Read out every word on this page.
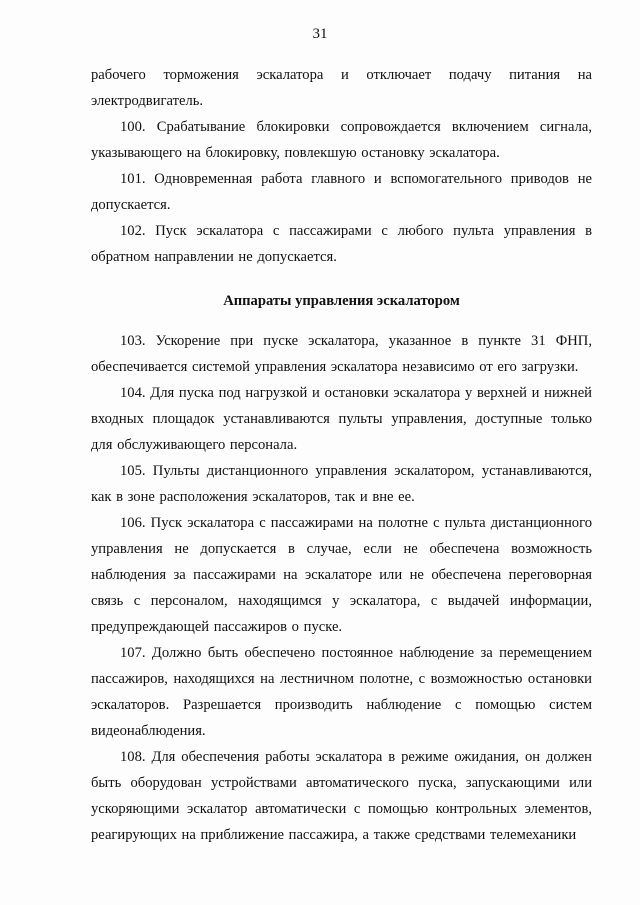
31

рабочего торможения эскалатора и отключает подачу питания на электродвигатель.

100. Срабатывание блокировки сопровождается включением сигнала, указывающего на блокировку, повлекшую остановку эскалатора.

101. Одновременная работа главного и вспомогательного приводов не допускается.

102. Пуск эскалатора с пассажирами с любого пульта управления в обратном направлении не допускается.

Аппараты управления эскалатором

103. Ускорение при пуске эскалатора, указанное в пункте 31 ФНП, обеспечивается системой управления эскалатора независимо от его загрузки.

104. Для пуска под нагрузкой и остановки эскалатора у верхней и нижней входных площадок устанавливаются пульты управления, доступные только для обслуживающего персонала.

105. Пульты дистанционного управления эскалатором, устанавливаются, как в зоне расположения эскалаторов, так и вне ее.

106. Пуск эскалатора с пассажирами на полотне с пульта дистанционного управления не допускается в случае, если не обеспечена возможность наблюдения за пассажирами на эскалаторе или не обеспечена переговорная связь с персоналом, находящимся у эскалатора, с выдачей информации, предупреждающей пассажиров о пуске.

107. Должно быть обеспечено постоянное наблюдение за перемещением пассажиров, находящихся на лестничном полотне, с возможностью остановки эскалаторов. Разрешается производить наблюдение с помощью систем видеонаблюдения.

108. Для обеспечения работы эскалатора в режиме ожидания, он должен быть оборудован устройствами автоматического пуска, запускающими или ускоряющими эскалатор автоматически с помощью контрольных элементов, реагирующих на приближение пассажира, а также средствами телемеханики
